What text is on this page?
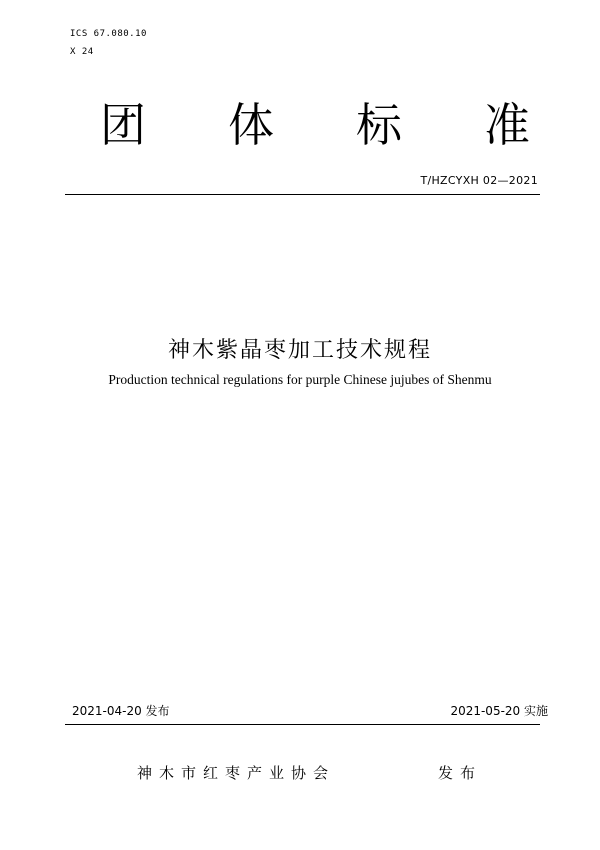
ICS 67.080.10
X 24
团 体 标 准
T/HZCYXH 02—2021
神木紫晶枣加工技术规程
Production technical regulations for purple Chinese jujubes of Shenmu
2021-04-20 发布	2021-05-20 实施
神木市红枣产业协会	发布
